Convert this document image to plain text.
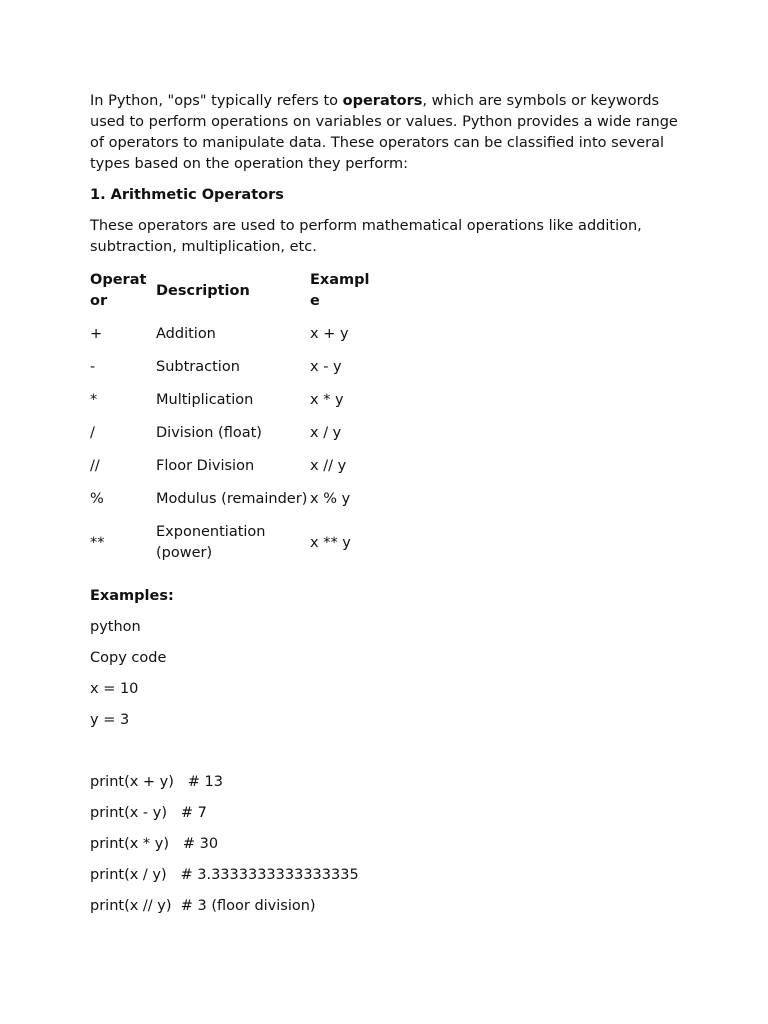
In Python, "ops" typically refers to operators, which are symbols or keywords used to perform operations on variables or values. Python provides a wide range of operators to manipulate data. These operators can be classified into several types based on the operation they perform:

1. Arithmetic Operators

These operators are used to perform mathematical operations like addition, subtraction, multiplication, etc.

Operator	Description	Example
+	Addition	x + y
-	Subtraction	x - y
*	Multiplication	x * y
/	Division (float)	x / y
//	Floor Division	x // y
%	Modulus (remainder)	x % y
**	Exponentiation (power)	x ** y

Examples:

python

Copy code

x = 10

y = 3

print(x + y)   # 13

print(x - y)   # 7

print(x * y)   # 30

print(x / y)   # 3.3333333333333335

print(x // y)  # 3 (floor division)
